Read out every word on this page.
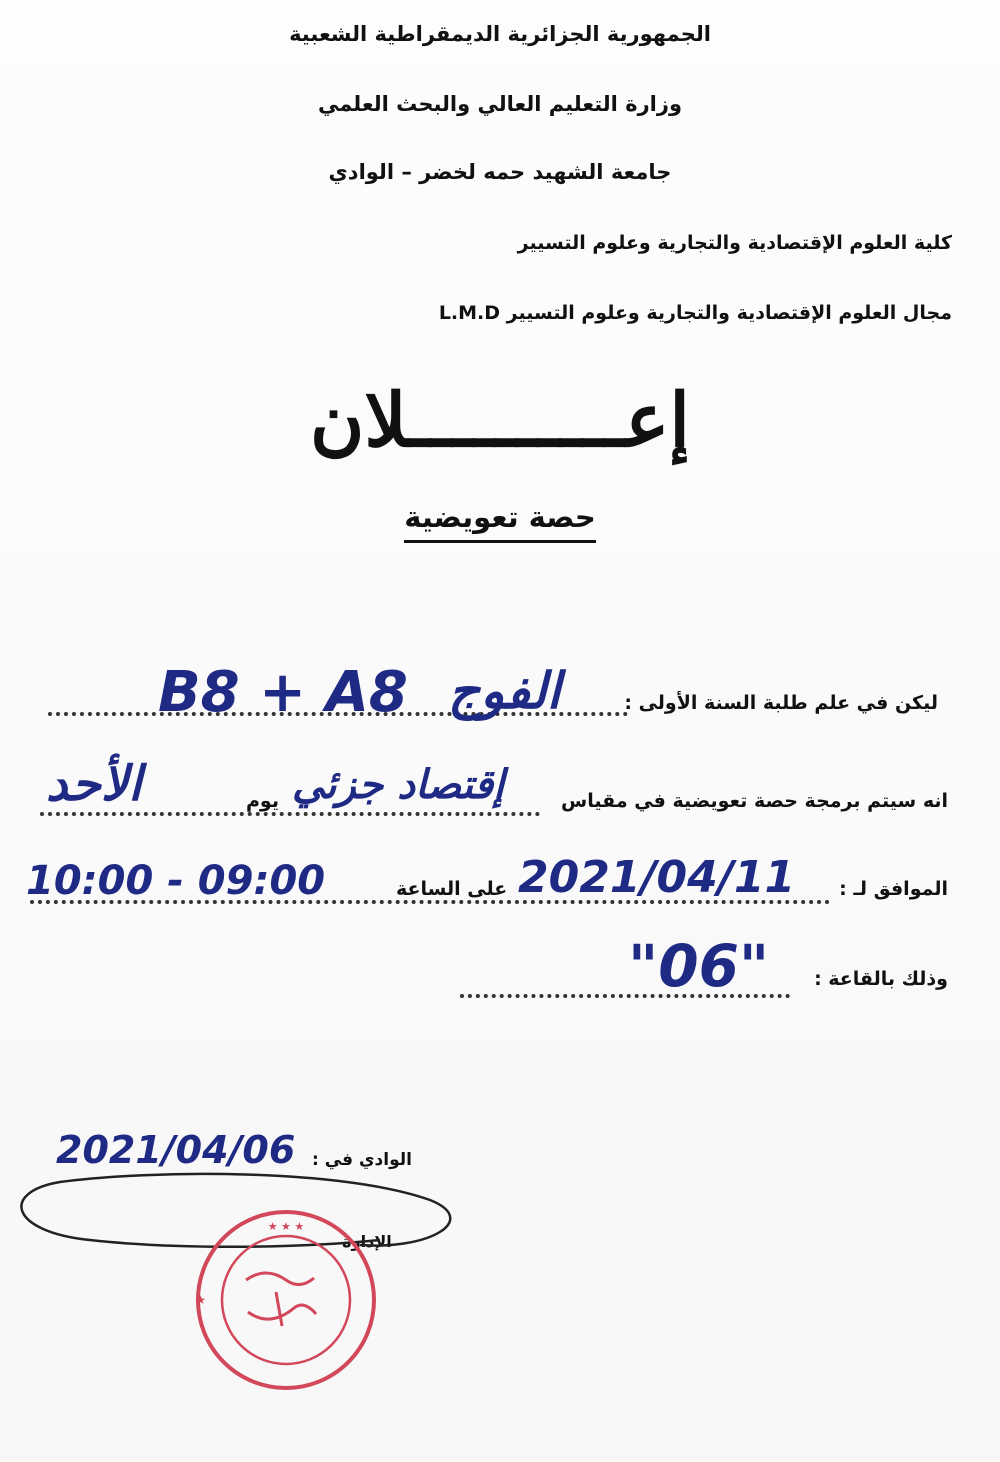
الجمهورية الجزائرية الديمقراطية الشعبية
وزارة التعليم العالي والبحث العلمي
جامعة الشهيد حمه لخضر – الوادي
كلية العلوم الإقتصادية والتجارية وعلوم التسيير
مجال العلوم الإقتصادية والتجارية وعلوم التسيير L.M.D
إعــــــــــلان
حصة تعويضية
ليكن في علم طلبة السنة الأولى :
الفوج
B8 + A8
انه سيتم برمجة حصة تعويضية في مقياس
يوم إقتصاد جزئي
الأحد
الموافق لـ :
على الساعة 2021/04/11
10:00 - 09:00
وذلك بالقاعة :
"06"
الوادي في :
2021/04/06
الإدارة
★ ★ ★
★
